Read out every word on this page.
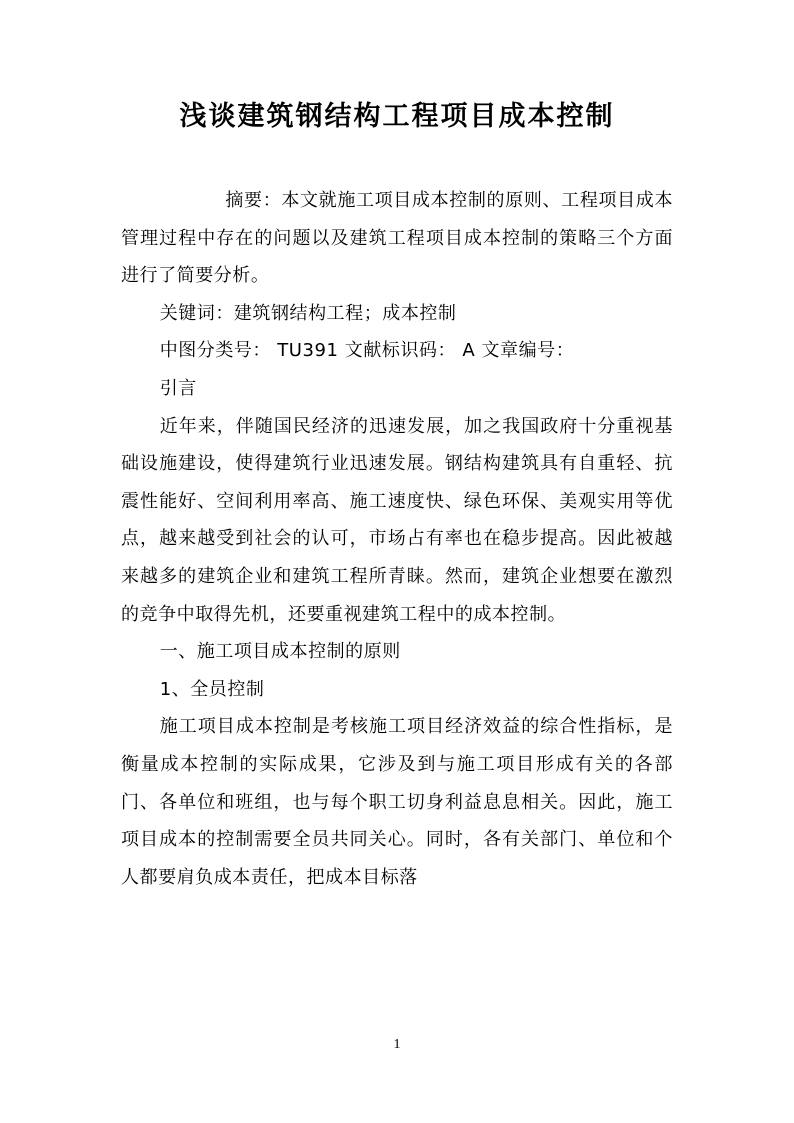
浅谈建筑钢结构工程项目成本控制

摘要：本文就施工项目成本控制的原则、工程项目成本管理过程中存在的问题以及建筑工程项目成本控制的策略三个方面进行了简要分析。

关键词：建筑钢结构工程；成本控制

中图分类号： TU391 文献标识码： A 文章编号：

引言

近年来，伴随国民经济的迅速发展，加之我国政府十分重视基础设施建设，使得建筑行业迅速发展。钢结构建筑具有自重轻、抗震性能好、空间利用率高、施工速度快、绿色环保、美观实用等优点，越来越受到社会的认可，市场占有率也在稳步提高。因此被越来越多的建筑企业和建筑工程所青睐。然而，建筑企业想要在激烈的竞争中取得先机，还要重视建筑工程中的成本控制。

一、施工项目成本控制的原则

1、全员控制

施工项目成本控制是考核施工项目经济效益的综合性指标，是衡量成本控制的实际成果，它涉及到与施工项目形成有关的各部门、各单位和班组，也与每个职工切身利益息息相关。因此，施工项目成本的控制需要全员共同关心。同时，各有关部门、单位和个人都要肩负成本责任，把成本目标落

1
